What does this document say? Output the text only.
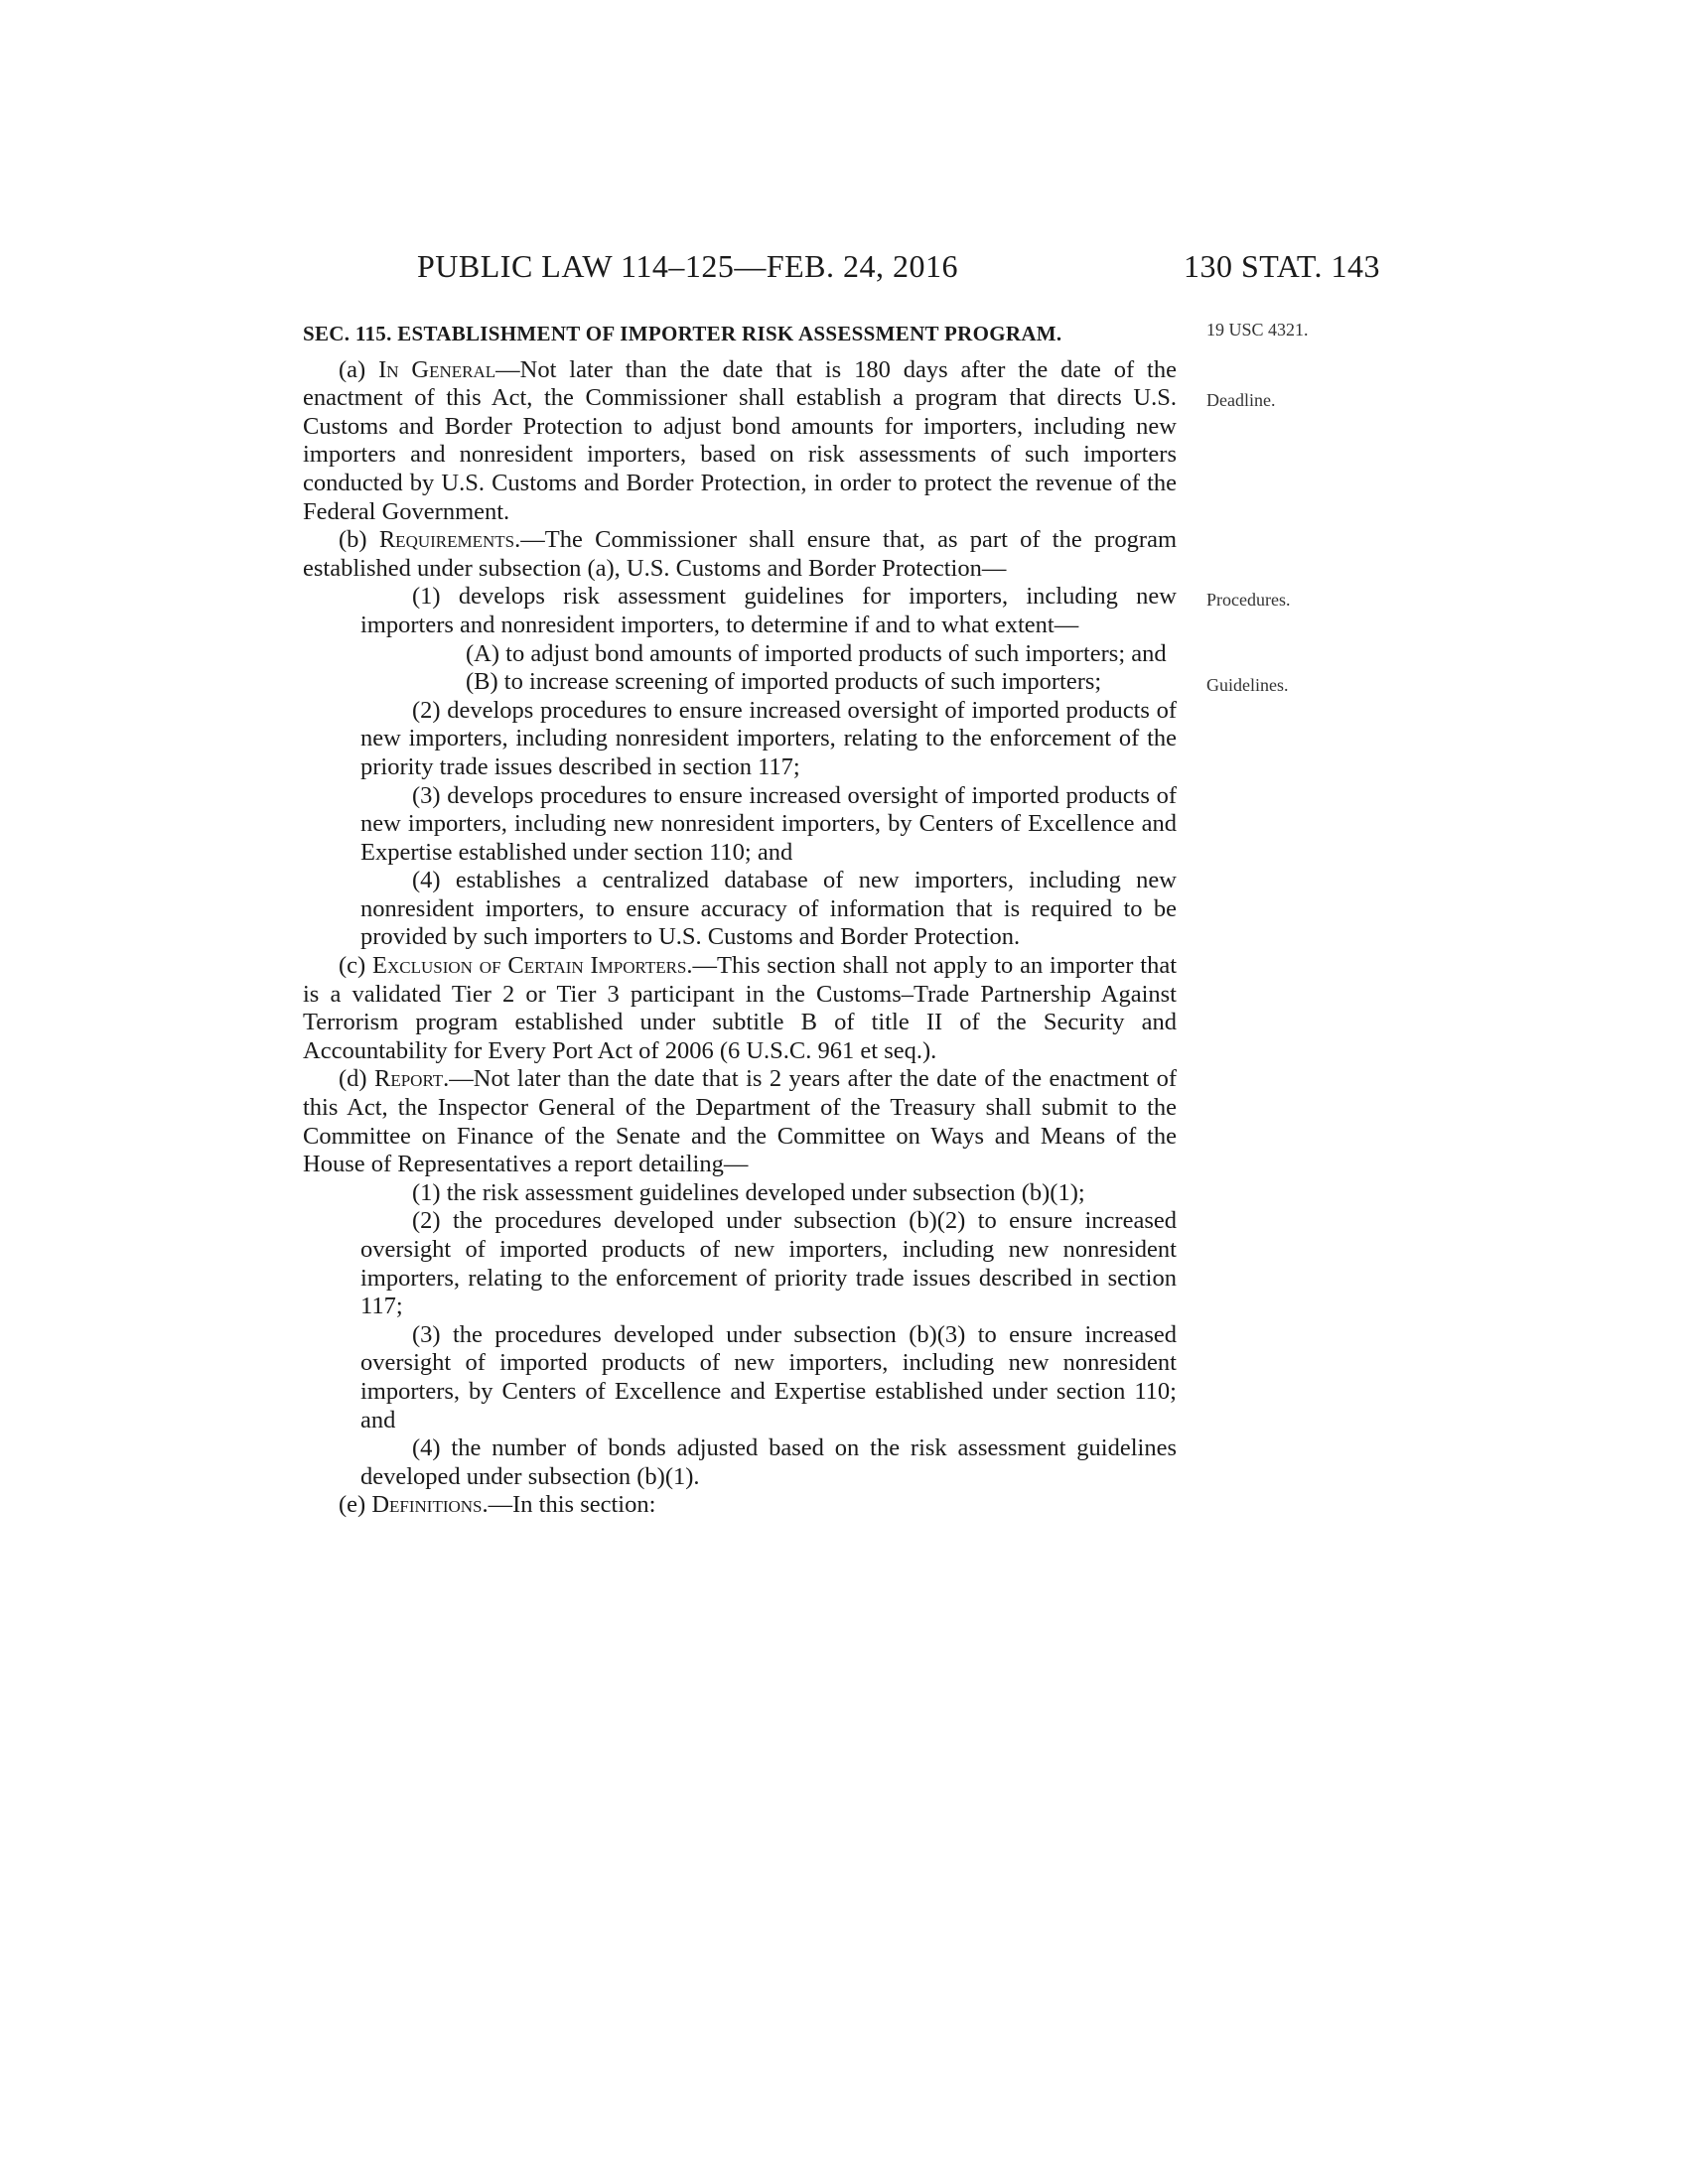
PUBLIC LAW 114–125—FEB. 24, 2016	130 STAT. 143
19 USC 4321.
Deadline.
Procedures.
Guidelines.
SEC. 115. ESTABLISHMENT OF IMPORTER RISK ASSESSMENT PROGRAM.

(a) In General—Not later than the date that is 180 days after the date of the enactment of this Act, the Commissioner shall establish a program that directs U.S. Customs and Border Protection to adjust bond amounts for importers, including new importers and nonresident importers, based on risk assessments of such importers conducted by U.S. Customs and Border Protection, in order to protect the revenue of the Federal Government.

(b) Requirements.—The Commissioner shall ensure that, as part of the program established under subsection (a), U.S. Customs and Border Protection—

(1) develops risk assessment guidelines for importers, including new importers and nonresident importers, to determine if and to what extent—

(A) to adjust bond amounts of imported products of such importers; and

(B) to increase screening of imported products of such importers;

(2) develops procedures to ensure increased oversight of imported products of new importers, including nonresident importers, relating to the enforcement of the priority trade issues described in section 117;

(3) develops procedures to ensure increased oversight of imported products of new importers, including new nonresident importers, by Centers of Excellence and Expertise established under section 110; and

(4) establishes a centralized database of new importers, including new nonresident importers, to ensure accuracy of information that is required to be provided by such importers to U.S. Customs and Border Protection.

(c) Exclusion of Certain Importers.—This section shall not apply to an importer that is a validated Tier 2 or Tier 3 participant in the Customs–Trade Partnership Against Terrorism program established under subtitle B of title II of the Security and Accountability for Every Port Act of 2006 (6 U.S.C. 961 et seq.).

(d) Report.—Not later than the date that is 2 years after the date of the enactment of this Act, the Inspector General of the Department of the Treasury shall submit to the Committee on Finance of the Senate and the Committee on Ways and Means of the House of Representatives a report detailing—

(1) the risk assessment guidelines developed under subsection (b)(1);

(2) the procedures developed under subsection (b)(2) to ensure increased oversight of imported products of new importers, including new nonresident importers, relating to the enforcement of priority trade issues described in section 117;

(3) the procedures developed under subsection (b)(3) to ensure increased oversight of imported products of new importers, including new nonresident importers, by Centers of Excellence and Expertise established under section 110; and

(4) the number of bonds adjusted based on the risk assessment guidelines developed under subsection (b)(1).

(e) Definitions.—In this section:
